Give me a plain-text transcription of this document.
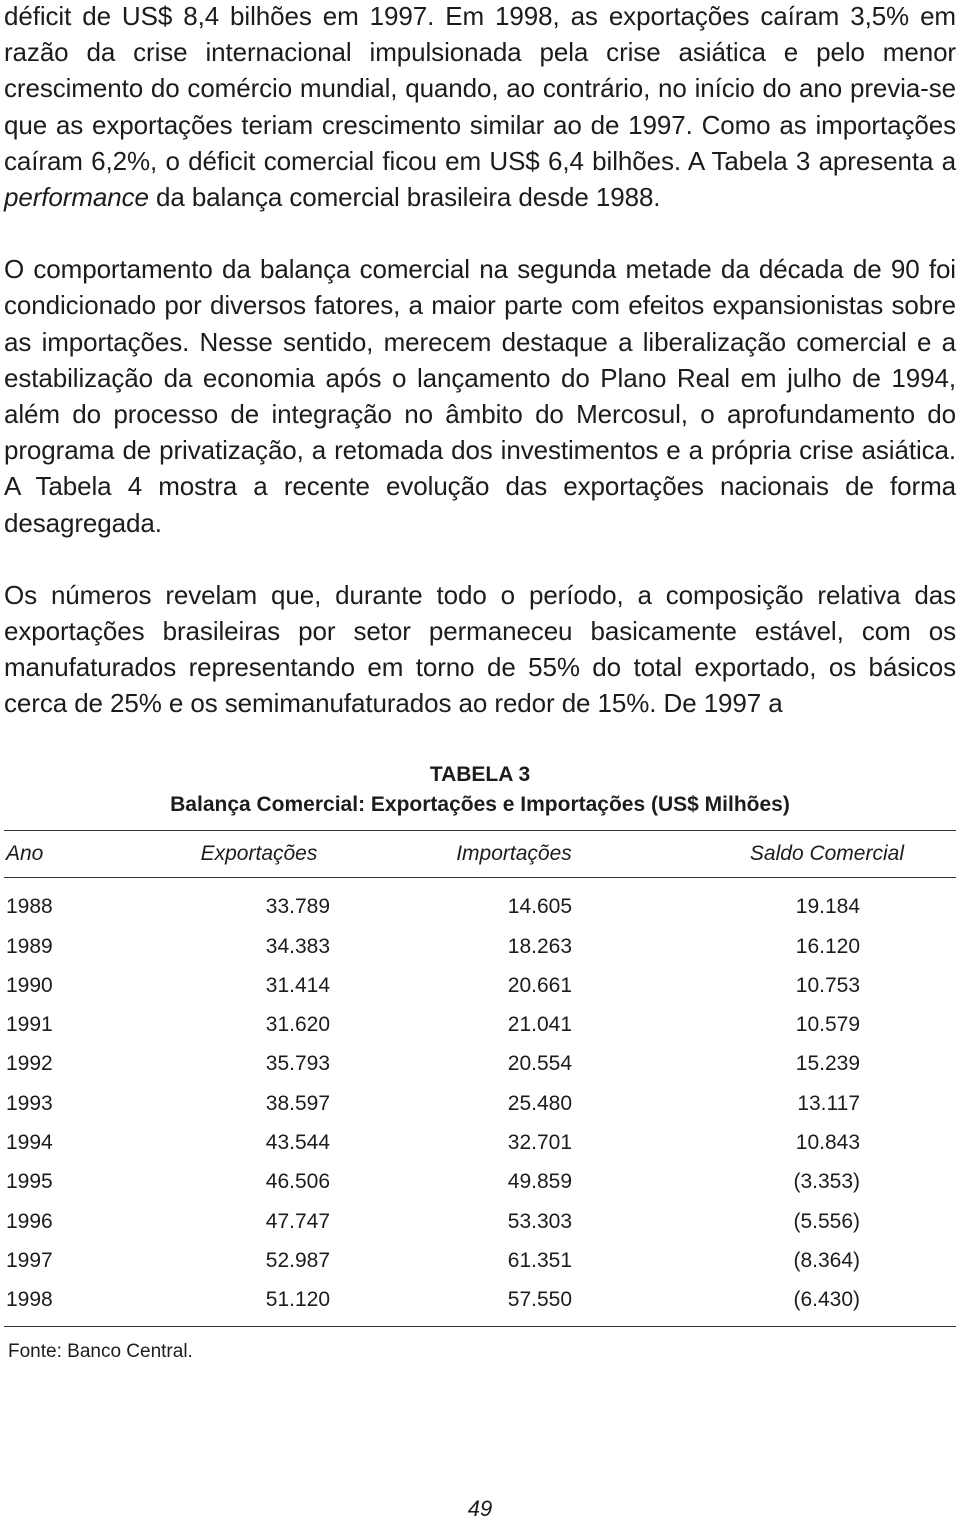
déficit de US$ 8,4 bilhões em 1997. Em 1998, as exportações caíram 3,5% em razão da crise internacional impulsionada pela crise asiática e pelo menor crescimento do comércio mundial, quando, ao contrário, no início do ano previa-se que as exportações teriam crescimento similar ao de 1997. Como as importações caíram 6,2%, o déficit comercial ficou em US$ 6,4 bilhões. A Tabela 3 apresenta a performance da balança comercial brasileira desde 1988.

O comportamento da balança comercial na segunda metade da década de 90 foi condicionado por diversos fatores, a maior parte com efeitos expansionistas sobre as importações. Nesse sentido, merecem destaque a liberalização comercial e a estabilização da economia após o lançamento do Plano Real em julho de 1994, além do processo de integração no âmbito do Mercosul, o aprofundamento do programa de privatização, a retomada dos investimentos e a própria crise asiática. A Tabela 4 mostra a recente evolução das exportações nacionais de forma desagregada.

Os números revelam que, durante todo o período, a composição relativa das exportações brasileiras por setor permaneceu basicamente estável, com os manufaturados representando em torno de 55% do total exportado, os básicos cerca de 25% e os semimanufaturados ao redor de 15%. De 1997 a

TABELA 3
Balança Comercial: Exportações e Importações (US$ Milhões)
Ano	Exportações	Importações	Saldo Comercial
1988	33.789	14.605	19.184
1989	34.383	18.263	16.120
1990	31.414	20.661	10.753
1991	31.620	21.041	10.579
1992	35.793	20.554	15.239
1993	38.597	25.480	13.117
1994	43.544	32.701	10.843
1995	46.506	49.859	(3.353)
1996	47.747	53.303	(5.556)
1997	52.987	61.351	(8.364)
1998	51.120	57.550	(6.430)
Fonte: Banco Central.
49
